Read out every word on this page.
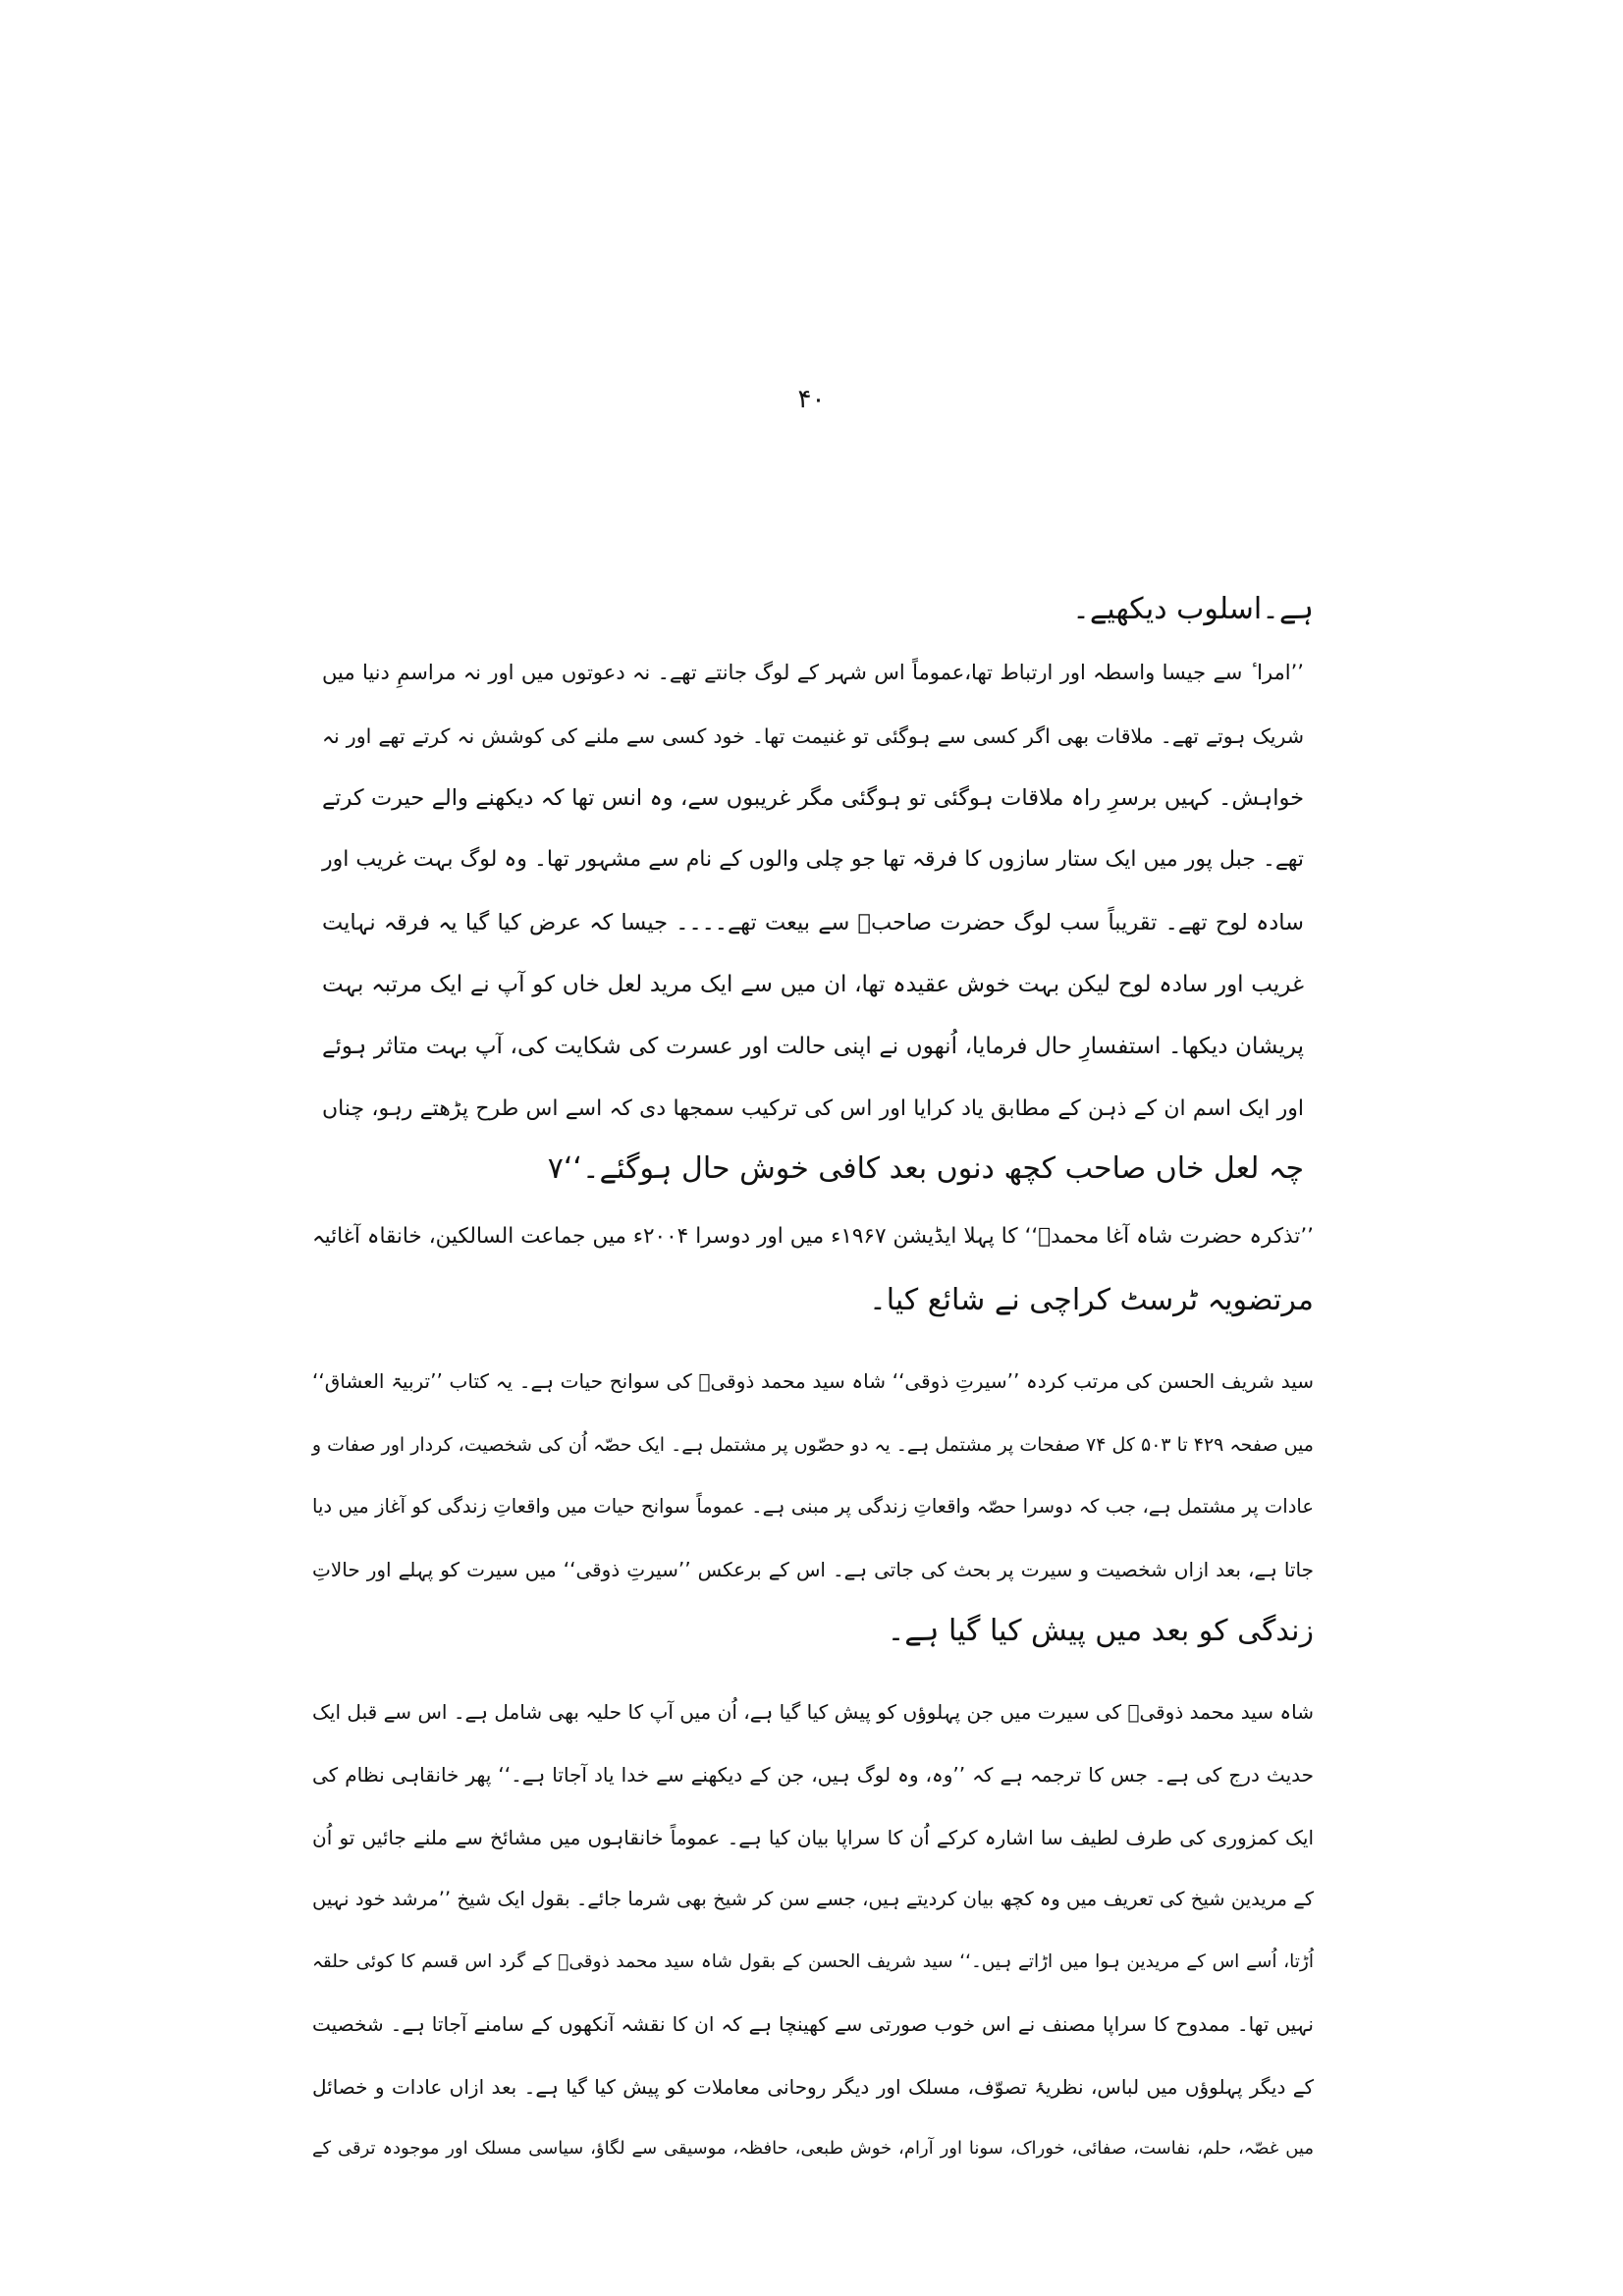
۴۰

ہے۔اسلوب دیکھیے۔

’’امرا ٔ سے جیسا واسطہ اور ارتباط تھا،عموماً اس شہر کے لوگ جانتے تھے۔ نہ دعوتوں میں اور نہ مراسمِ دنیا میں

شریک ہوتے تھے۔ ملاقات بھی اگر کسی سے ہوگئی تو غنیمت تھا۔ خود کسی سے ملنے کی کوشش نہ کرتے تھے اور نہ

خواہش۔ کہیں برسرِ راہ ملاقات ہوگئی تو ہوگئی مگر غریبوں سے، وہ انس تھا کہ دیکھنے والے حیرت کرتے

تھے۔ جبل پور میں ایک ستار سازوں کا فرقہ تھا جو چلی والوں کے نام سے مشہور تھا۔ وہ لوگ بہت غریب اور

سادہ لوح تھے۔ تقریباً سب لوگ حضرت صاحبؒ سے بیعت تھے۔۔۔۔ جیسا کہ عرض کیا گیا یہ فرقہ نہایت

غریب اور سادہ لوح لیکن بہت خوش عقیدہ تھا، ان میں سے ایک مرید لعل خاں کو آپ نے ایک مرتبہ بہت

پریشان دیکھا۔ استفسارِ حال فرمایا، اُنھوں نے اپنی حالت اور عسرت کی شکایت کی، آپ بہت متاثر ہوئے

اور ایک اسم ان کے ذہن کے مطابق یاد کرایا اور اس کی ترکیب سمجھا دی کہ اسے اس طرح پڑھتے رہو، چناں

چہ لعل خاں صاحب کچھ دنوں بعد کافی خوش حال ہوگئے۔‘‘۷

’’تذکرہ حضرت شاہ آغا محمدؒ‘‘ کا پہلا ایڈیشن ۱۹۶۷ء میں اور دوسرا ۲۰۰۴ء میں جماعت السالکین، خانقاہ آغائیہ

مرتضویہ ٹرسٹ کراچی نے شائع کیا۔

سید شریف الحسن کی مرتب کردہ ’’سیرتِ ذوقی‘‘ شاہ سید محمد ذوقیؒ کی سوانح حیات ہے۔ یہ کتاب ’’تربیۃ العشاق‘‘

میں صفحہ ۴۲۹ تا ۵۰۳ کل ۷۴ صفحات پر مشتمل ہے۔ یہ دو حصّوں پر مشتمل ہے۔ ایک حصّہ اُن کی شخصیت، کردار اور صفات و

عادات پر مشتمل ہے، جب کہ دوسرا حصّہ واقعاتِ زندگی پر مبنی ہے۔ عموماً سوانح حیات میں واقعاتِ زندگی کو آغاز میں دیا

جاتا ہے، بعد ازاں شخصیت و سیرت پر بحث کی جاتی ہے۔ اس کے برعکس ’’سیرتِ ذوقی‘‘ میں سیرت کو پہلے اور حالاتِ

زندگی کو بعد میں پیش کیا گیا ہے۔

شاہ سید محمد ذوقیؒ کی سیرت میں جن پہلوؤں کو پیش کیا گیا ہے، اُن میں آپ کا حلیہ بھی شامل ہے۔ اس سے قبل ایک

حدیث درج کی ہے۔ جس کا ترجمہ ہے کہ ’’وہ، وہ لوگ ہیں، جن کے دیکھنے سے خدا یاد آجاتا ہے۔‘‘ پھر خانقاہی نظام کی

ایک کمزوری کی طرف لطیف سا اشارہ کرکے اُن کا سراپا بیان کیا ہے۔ عموماً خانقاہوں میں مشائخ سے ملنے جائیں تو اُن

کے مریدین شیخ کی تعریف میں وہ کچھ بیان کردیتے ہیں، جسے سن کر شیخ بھی شرما جائے۔ بقول ایک شیخ ’’مرشد خود نہیں

اُڑتا، اُسے اس کے مریدین ہوا میں اڑاتے ہیں۔‘‘ سید شریف الحسن کے بقول شاہ سید محمد ذوقیؒ کے گرد اس قسم کا کوئی حلقہ

نہیں تھا۔ ممدوح کا سراپا مصنف نے اس خوب صورتی سے کھینچا ہے کہ ان کا نقشہ آنکھوں کے سامنے آجاتا ہے۔ شخصیت

کے دیگر پہلوؤں میں لباس، نظریۂ تصوّف، مسلک اور دیگر روحانی معاملات کو پیش کیا گیا ہے۔ بعد ازاں عادات و خصائل

میں غصّہ، حلم، نفاست، صفائی، خوراک، سونا اور آرام، خوش طبعی، حافظہ، موسیقی سے لگاؤ، سیاسی مسلک اور موجودہ ترقی کے
